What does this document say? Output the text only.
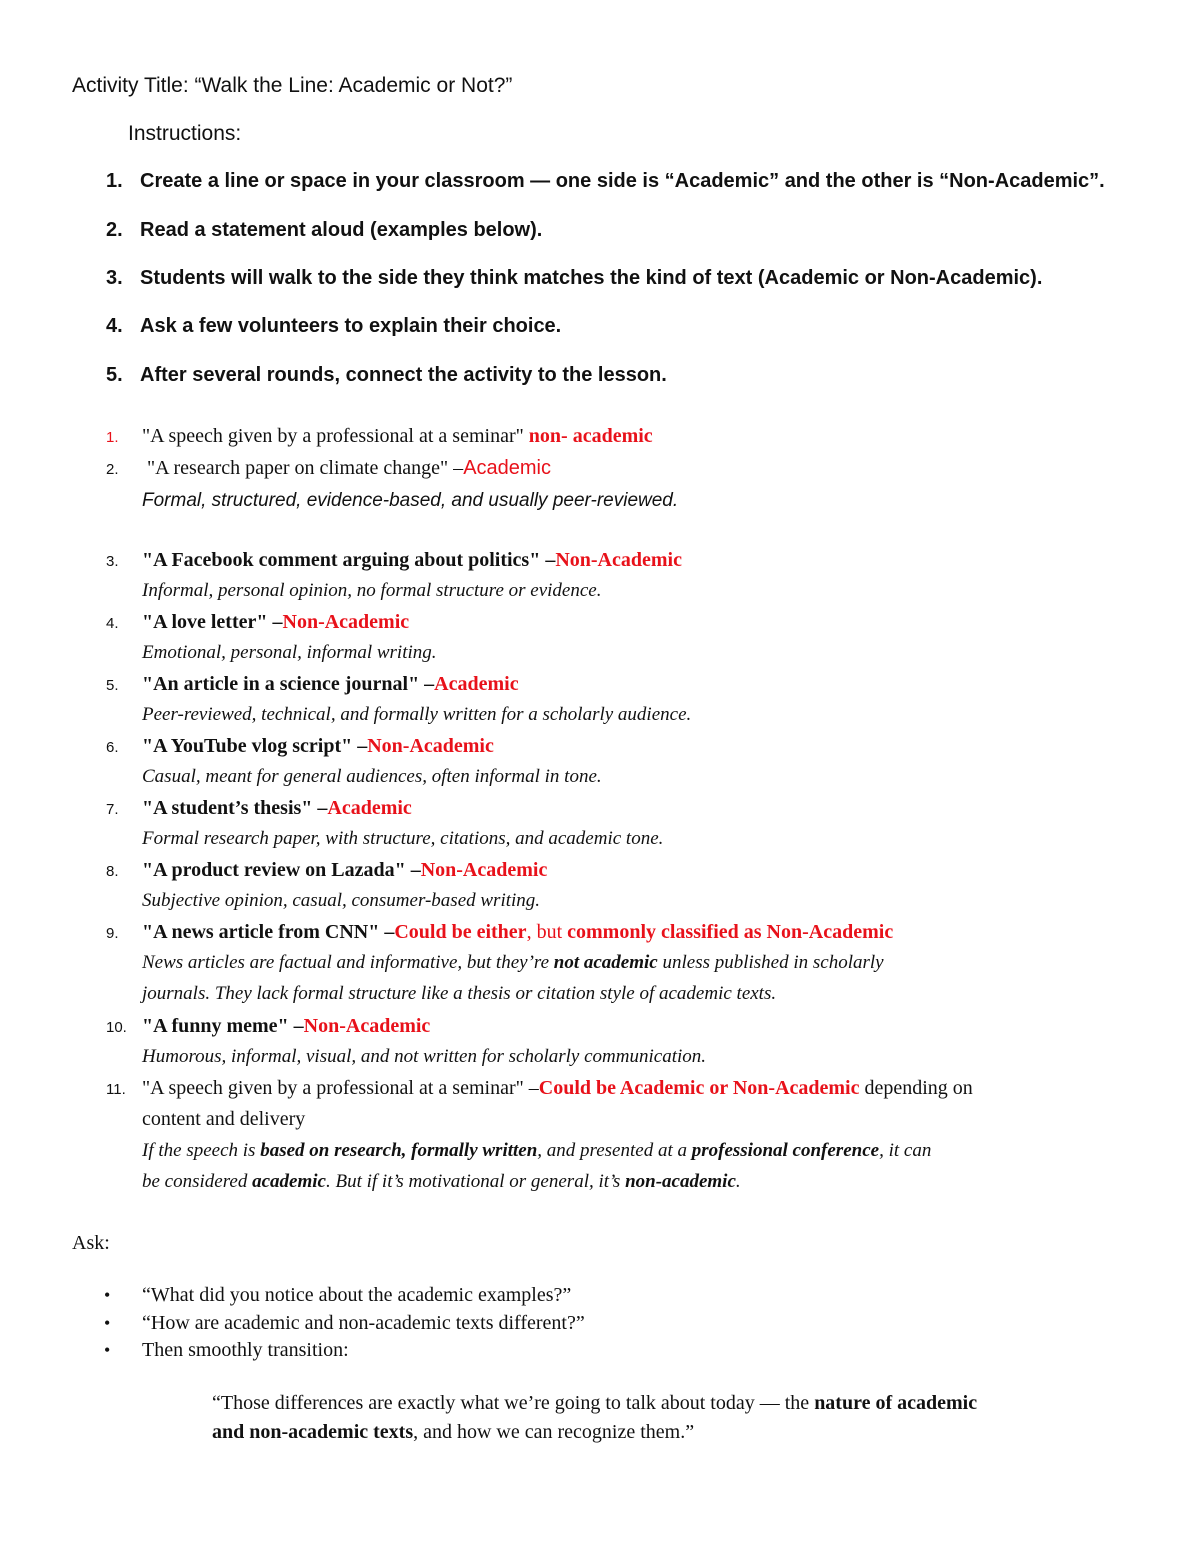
Activity Title: “Walk the Line: Academic or Not?”
Instructions:
1. Create a line or space in your classroom — one side is “Academic” and the other is “Non-Academic”.
2. Read a statement aloud (examples below).
3. Students will walk to the side they think matches the kind of text (Academic or Non-Academic).
4. Ask a few volunteers to explain their choice.
5. After several rounds, connect the activity to the lesson.
1. "A speech given by a professional at a seminar" non- academic
2. "A research paper on climate change" –Academic
Formal, structured, evidence-based, and usually peer-reviewed.
3. "A Facebook comment arguing about politics" –Non-Academic
Informal, personal opinion, no formal structure or evidence.
4. "A love letter" –Non-Academic
Emotional, personal, informal writing.
5. "An article in a science journal" –Academic
Peer-reviewed, technical, and formally written for a scholarly audience.
6. "A YouTube vlog script" –Non-Academic
Casual, meant for general audiences, often informal in tone.
7. "A student’s thesis" –Academic
Formal research paper, with structure, citations, and academic tone.
8. "A product review on Lazada" –Non-Academic
Subjective opinion, casual, consumer-based writing.
9. "A news article from CNN" –Could be either, but commonly classified as Non-Academic
News articles are factual and informative, but they’re not academic unless published in scholarly
journals. They lack formal structure like a thesis or citation style of academic texts.
10. "A funny meme" –Non-Academic
Humorous, informal, visual, and not written for scholarly communication.
11. "A speech given by a professional at a seminar" –Could be Academic or Non-Academic depending on
content and delivery
If the speech is based on research, formally written, and presented at a professional conference, it can
be considered academic. But if it’s motivational or general, it’s non-academic.
Ask:
• “What did you notice about the academic examples?”
• “How are academic and non-academic texts different?”
• Then smoothly transition:
“Those differences are exactly what we’re going to talk about today — the nature of academic
and non-academic texts, and how we can recognize them.”
